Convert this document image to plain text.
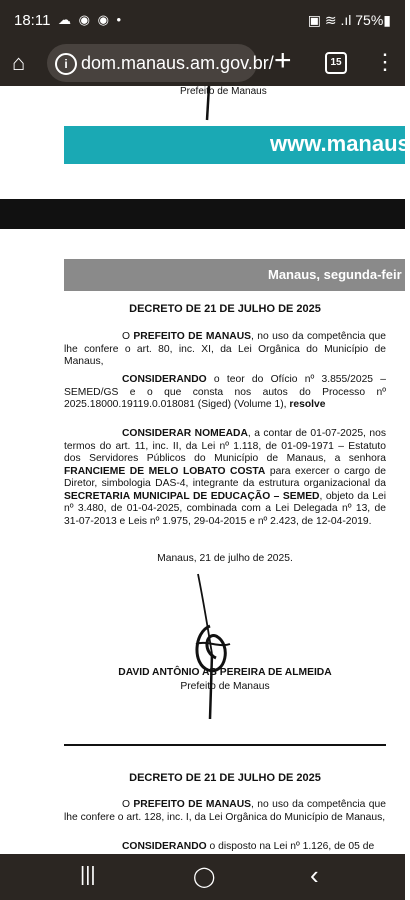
18:11 ☁ ◉ ◉ •	▣ ≋ .ıl 75%▮
⌂	i dom.manaus.am.gov.br/ +	15 ⋮
Prefeito de Manaus
www.manaus
Manaus, segunda-feir
DECRETO DE 21 DE JULHO DE 2025
O PREFEITO DE MANAUS, no uso da competência que lhe confere o art. 80, inc. XI, da Lei Orgânica do Município de Manaus,
CONSIDERANDO o teor do Ofício nº 3.855/2025 – SEMED/GS e o que consta nos autos do Processo nº 2025.18000.19119.0.018081 (Siged) (Volume 1), resolve
CONSIDERAR NOMEADA, a contar de 01-07-2025, nos termos do art. 11, inc. II, da Lei nº 1.118, de 01-09-1971 – Estatuto dos Servidores Públicos do Município de Manaus, a senhora FRANCIEME DE MELO LOBATO COSTA para exercer o cargo de Diretor, simbologia DAS-4, integrante da estrutura organizacional da SECRETARIA MUNICIPAL DE EDUCAÇÃO – SEMED, objeto da Lei nº 3.480, de 01-04-2025, combinada com a Lei Delegada nº 13, de 31-07-2013 e Leis nº 1.975, 29-04-2015 e nº 2.423, de 12-04-2019.
Manaus, 21 de julho de 2025.
DAVID ANTÔNIO AB PEREIRA DE ALMEIDA
Prefeito de Manaus
DECRETO DE 21 DE JULHO DE 2025
O PREFEITO DE MANAUS, no uso da competência que lhe confere o art. 128, inc. I, da Lei Orgânica do Município de Manaus,
CONSIDERANDO o disposto na Lei nº 1.126, de 05 de
|||	◯	‹
